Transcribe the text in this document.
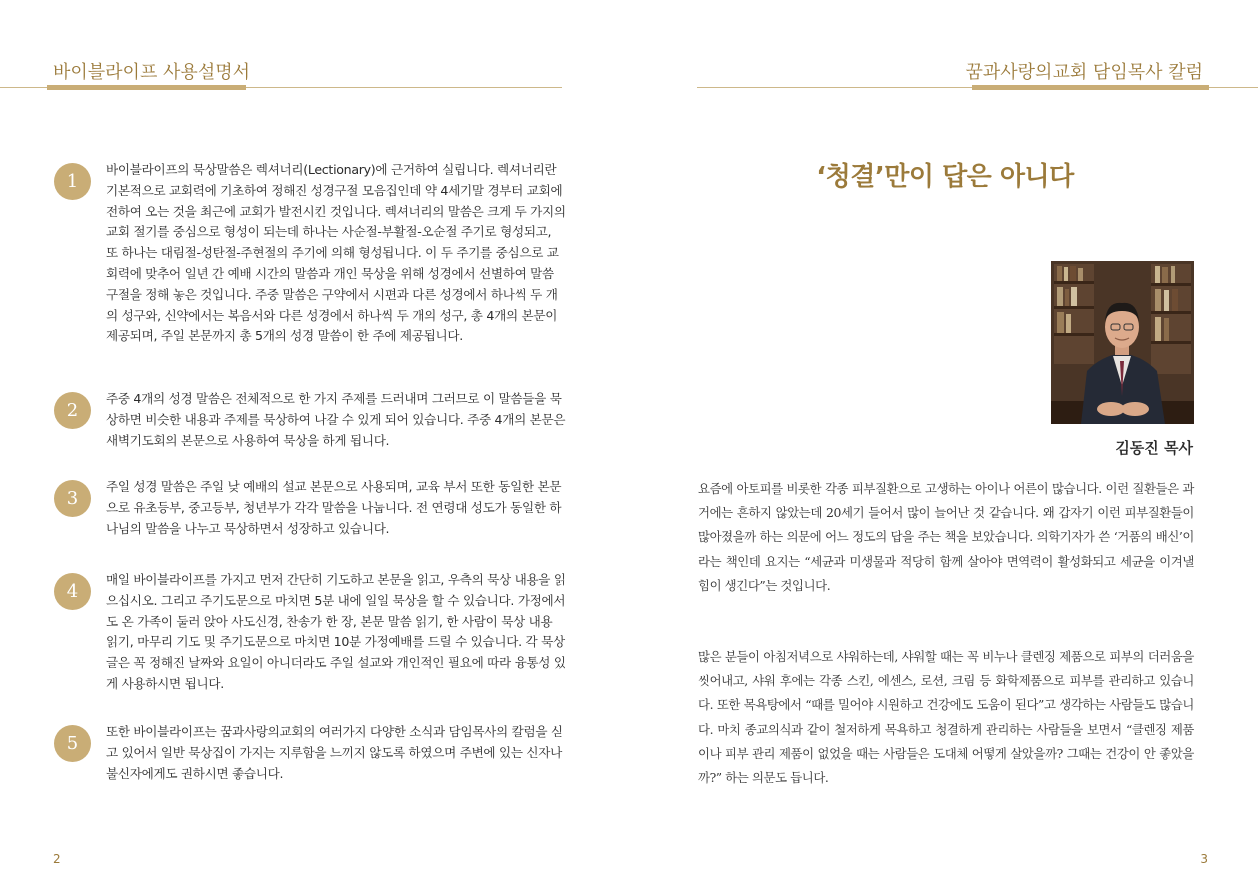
바이블라이프 사용설명서
1
바이블라이프의 묵상말씀은 렉셔너리(Lectionary)에 근거하여 실립니다. 렉셔너리란 기본적으로 교회력에 기초하여 정해진 성경구절 모음집인데 약 4세기말 경부터 교회에 전하여 오는 것을 최근에 교회가 발전시킨 것입니다. 렉셔너리의 말씀은 크게 두 가지의 교회 절기를 중심으로 형성이 되는데 하나는 사순절-부활절-오순절 주기로 형성되고, 또 하나는 대림절-성탄절-주현절의 주기에 의해 형성됩니다. 이 두 주기를 중심으로 교회력에 맞추어 일년 간 예배 시간의 말씀과 개인 묵상을 위해 성경에서 선별하여 말씀 구절을 정해 놓은 것입니다. 주중 말씀은 구약에서 시편과 다른 성경에서 하나씩 두 개의 성구와, 신약에서는 복음서와 다른 성경에서 하나씩 두 개의 성구, 총 4개의 본문이 제공되며, 주일 본문까지 총 5개의 성경 말씀이 한 주에 제공됩니다.
2
주중 4개의 성경 말씀은 전체적으로 한 가지 주제를 드러내며 그러므로 이 말씀들을 묵상하면 비슷한 내용과 주제를 묵상하여 나갈 수 있게 되어 있습니다. 주중 4개의 본문은 새벽기도회의 본문으로 사용하여 묵상을 하게 됩니다.
3
주일 성경 말씀은 주일 낮 예배의 설교 본문으로 사용되며, 교육 부서 또한 동일한 본문으로 유초등부, 중고등부, 청년부가 각각 말씀을 나눕니다. 전 연령대 성도가 동일한 하나님의 말씀을 나누고 묵상하면서 성장하고 있습니다.
4
매일 바이블라이프를 가지고 먼저 간단히 기도하고 본문을 읽고, 우측의 묵상 내용을 읽으십시오. 그리고 주기도문으로 마치면 5분 내에 일일 묵상을 할 수 있습니다. 가정에서도 온 가족이 둘러 앉아 사도신경, 찬송가 한 장, 본문 말씀 읽기, 한 사람이 묵상 내용 읽기, 마무리 기도 및 주기도문으로 마치면 10분 가정예배를 드릴 수 있습니다. 각 묵상글은 꼭 정해진 날짜와 요일이 아니더라도 주일 설교와 개인적인 필요에 따라 융통성 있게 사용하시면 됩니다.
5
또한 바이블라이프는 꿈과사랑의교회의 여러가지 다양한 소식과 담임목사의 칼럼을 싣고 있어서 일반 묵상집이 가지는 지루함을 느끼지 않도록 하였으며 주변에 있는 신자나 불신자에게도 권하시면 좋습니다.
2
꿈과사랑의교회 담임목사 칼럼
‘청결’만이 답은 아니다
김동진 목사
요즘에 아토피를 비롯한 각종 피부질환으로 고생하는 아이나 어른이 많습니다. 이런 질환들은 과거에는 흔하지 않았는데 20세기 들어서 많이 늘어난 것 같습니다. 왜 갑자기 이런 피부질환들이 많아졌을까 하는 의문에 어느 정도의 답을 주는 책을 보았습니다. 의학기자가 쓴 ‘거품의 배신’이라는 책인데 요지는 “세균과 미생물과 적당히 함께 살아야 면역력이 활성화되고 세균을 이겨낼 힘이 생긴다”는 것입니다.
많은 분들이 아침저녁으로 샤워하는데, 샤워할 때는 꼭 비누나 클렌징 제품으로 피부의 더러움을 씻어내고, 샤워 후에는 각종 스킨, 에센스, 로션, 크림 등 화학제품으로 피부를 관리하고 있습니다. 또한 목욕탕에서 “때를 밀어야 시원하고 건강에도 도움이 된다”고 생각하는 사람들도 많습니다. 마치 종교의식과 같이 철저하게 목욕하고 청결하게 관리하는 사람들을 보면서 “클렌징 제품이나 피부 관리 제품이 없었을 때는 사람들은 도대체 어떻게 살았을까? 그때는 건강이 안 좋았을까?” 하는 의문도 듭니다.
3
